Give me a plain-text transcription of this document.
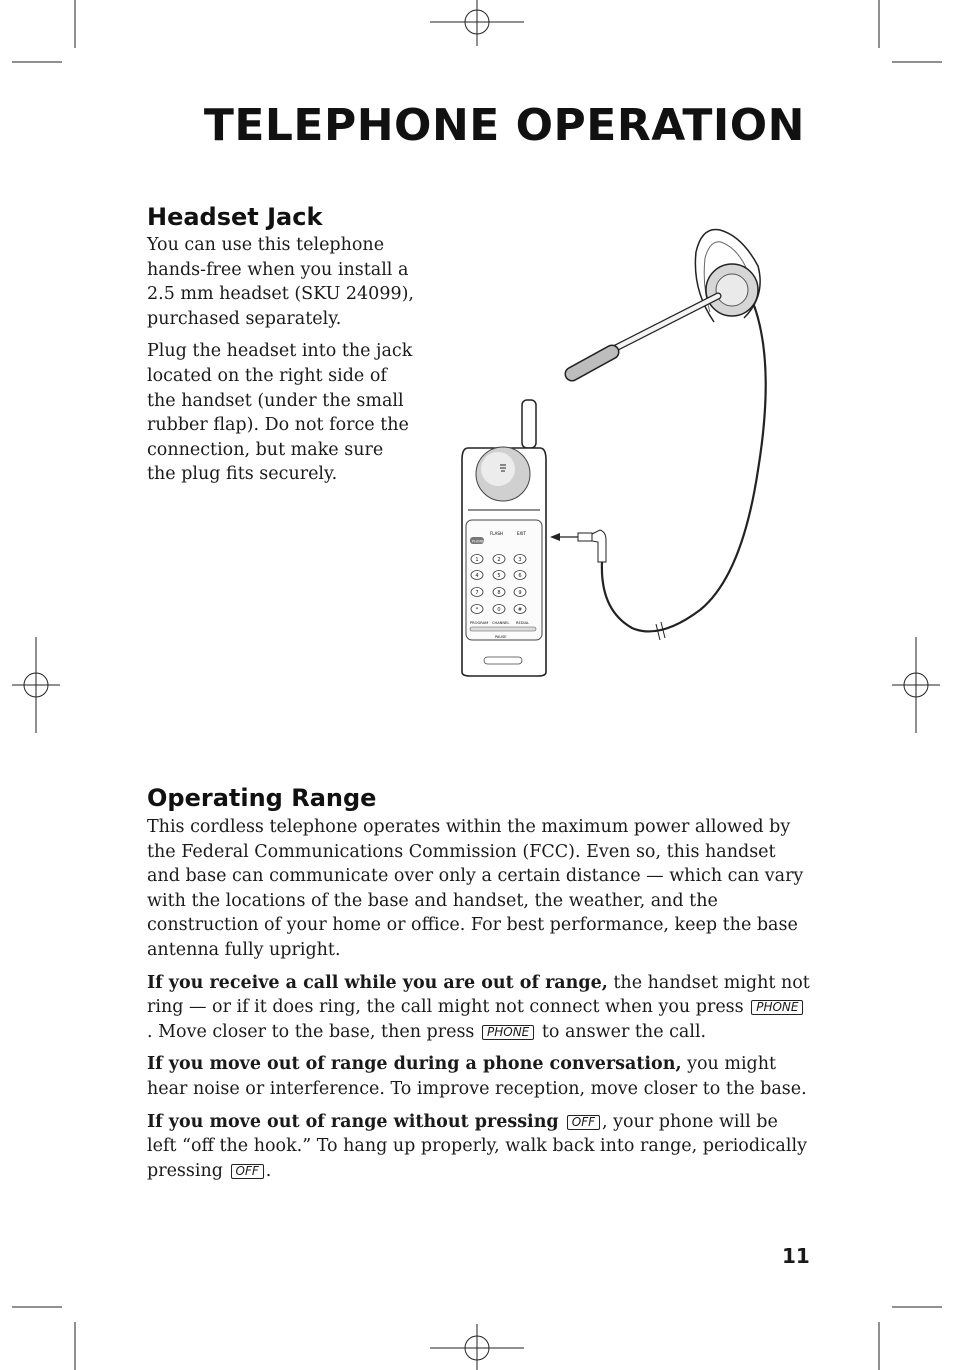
TELEPHONE OPERATION
Headset Jack

You can use this telephone hands-free when you install a 2.5 mm headset (SKU 24099), purchased separately.

Plug the headset into the jack located on the right side of the handset (under the small rubber flap). Do not force the connection, but make sure the plug fits securely.

FLASH	EXIT
PHONE
1	2	3
4	5	6
7	8	9
*	0	#
PROGRAM CHANNEL REDIAL
PAUSE
Operating Range

This cordless telephone operates within the maximum power allowed by the Federal Communications Commission (FCC). Even so, this handset and base can communicate over only a certain distance — which can vary with the locations of the base and handset, the weather, and the construction of your home or office. For best performance, keep the base antenna fully upright.

If you receive a call while you are out of range, the handset might not ring — or if it does ring, the call might not connect when you press PHONE. Move closer to the base, then press PHONE to answer the call.

If you move out of range during a phone conversation, you might hear noise or interference. To improve reception, move closer to the base.

If you move out of range without pressing OFF , your phone will be left “off the hook.” To hang up properly, walk back into range, periodically pressing OFF .

11
